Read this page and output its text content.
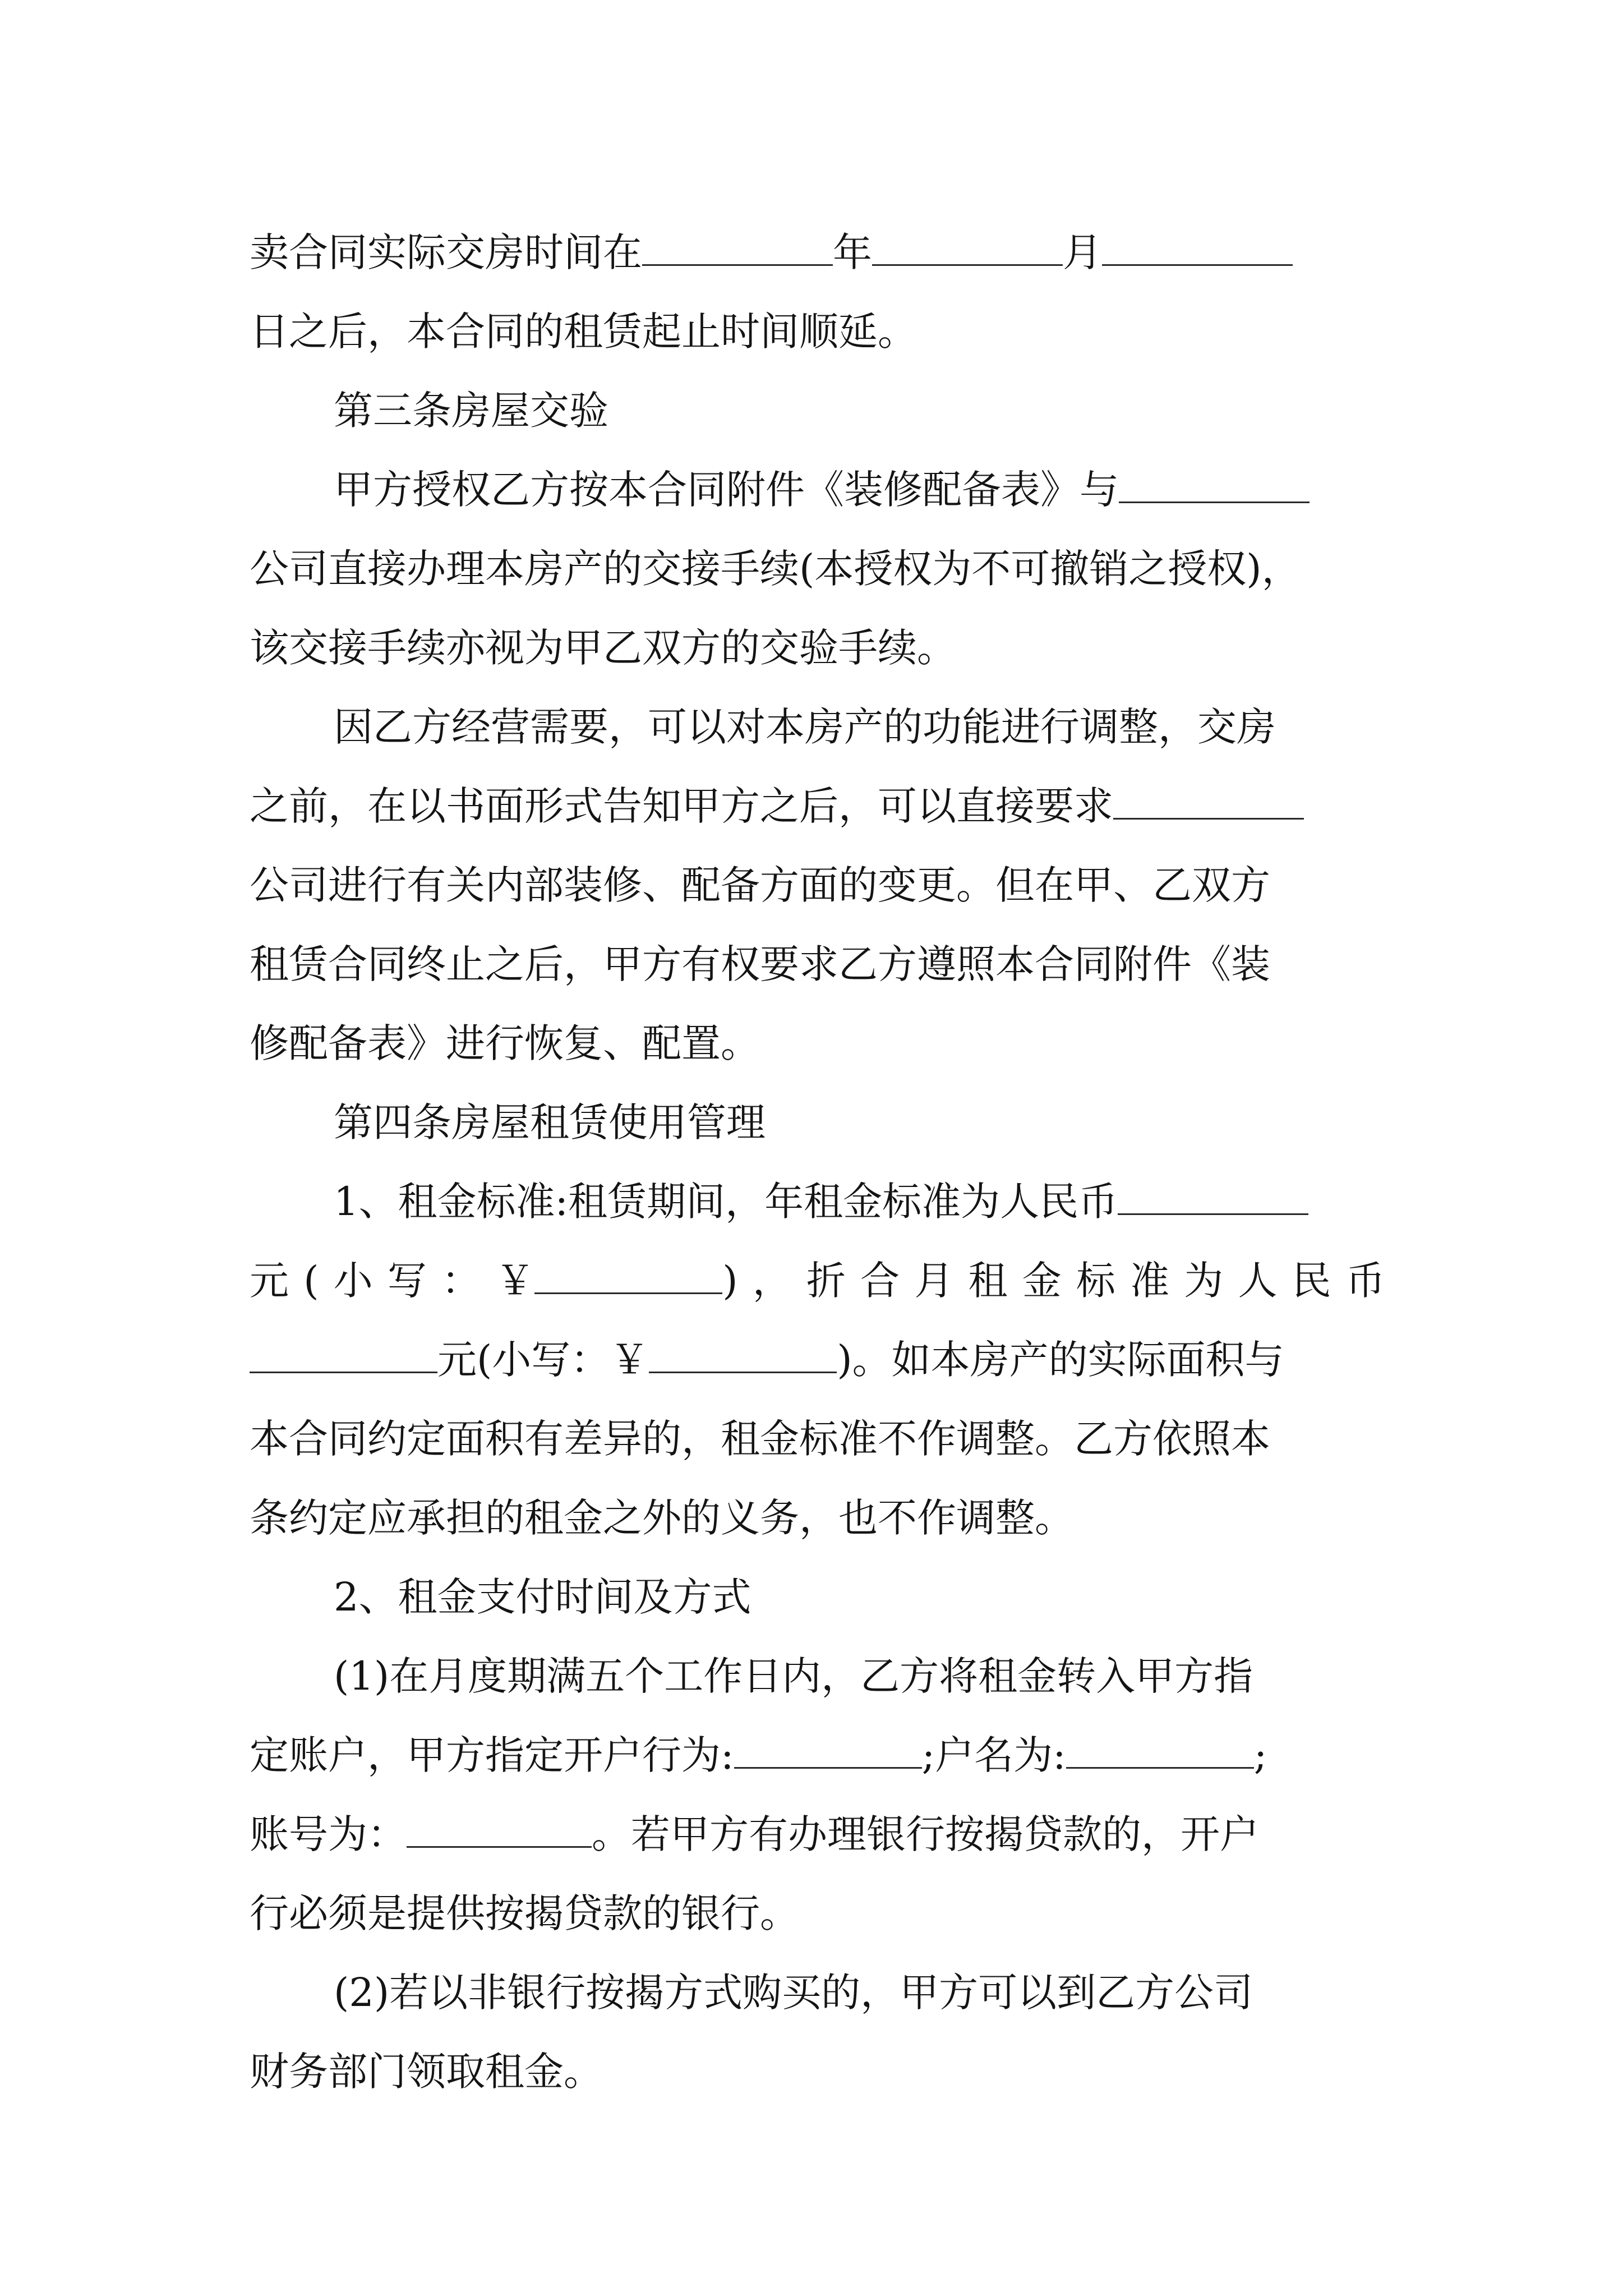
卖合同实际交房时间在	年	月
日之后，本合同的租赁起止时间顺延。
第三条房屋交验
甲方授权乙方按本合同附件《装修配备表》与
公司直接办理本房产的交接手续(本授权为不可撤销之授权)，
该交接手续亦视为甲乙双方的交验手续。
因乙方经营需要，可以对本房产的功能进行调整，交房
之前，在以书面形式告知甲方之后，可以直接要求
公司进行有关内部装修、配备方面的变更。但在甲、乙双方
租赁合同终止之后，甲方有权要求乙方遵照本合同附件《装
修配备表》进行恢复、配置。
第四条房屋租赁使用管理
1、租金标准:租赁期间，年租金标准为人民币
元 ( 小 写 ： ￥	) ， 折 合 月 租 金 标 准 为 人 民 币
元(小写：￥	)。如本房产的实际面积与
本合同约定面积有差异的，租金标准不作调整。乙方依照本
条约定应承担的租金之外的义务，也不作调整。
2、租金支付时间及方式
(1)在月度期满五个工作日内，乙方将租金转入甲方指
定账户，甲方指定开户行为:	;户名为:	;
账号为：	。若甲方有办理银行按揭贷款的，开户
行必须是提供按揭贷款的银行。
(2)若以非银行按揭方式购买的，甲方可以到乙方公司
财务部门领取租金。
